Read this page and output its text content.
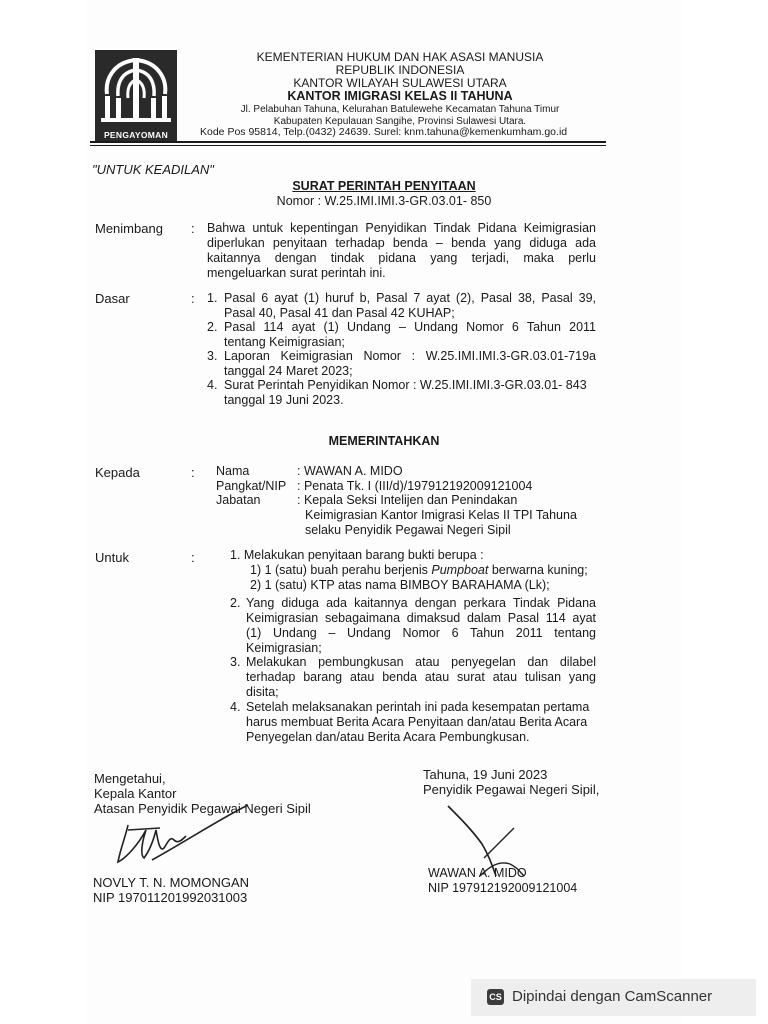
PENGAYOMAN
KEMENTERIAN HUKUM DAN HAK ASASI MANUSIA
REPUBLIK INDONESIA
KANTOR WILAYAH SULAWESI UTARA
KANTOR IMIGRASI KELAS II TAHUNA
Jl. Pelabuhan Tahuna, Kelurahan Batulewehe Kecamatan Tahuna Timur
Kabupaten Kepulauan Sangihe, Provinsi Sulawesi Utara.
Kode Pos 95814, Telp.(0432) 24639. Surel: knm.tahuna@kemenkumham.go.id
"UNTUK KEADILAN"
SURAT PERINTAH PENYITAAN
Nomor : W.25.IMI.IMI.3-GR.03.01- 850
Menimbang : Bahwa untuk kepentingan Penyidikan Tindak Pidana Keimigrasian
diperlukan penyitaan terhadap benda – benda yang diduga ada
kaitannya dengan tindak pidana yang terjadi, maka perlu
mengeluarkan surat perintah ini.
Dasar	: 1. Pasal 6 ayat (1) huruf b, Pasal 7 ayat (2), Pasal 38, Pasal 39,
Pasal 40, Pasal 41 dan Pasal 42 KUHAP;
2. Pasal 114 ayat (1) Undang – Undang Nomor 6 Tahun 2011
tentang Keimigrasian;
3. Laporan Keimigrasian Nomor : W.25.IMI.IMI.3-GR.03.01-719a
tanggal 24 Maret 2023;
4. Surat Perintah Penyidikan Nomor : W.25.IMI.IMI.3-GR.03.01- 843
tanggal 19 Juni 2023.
MEMERINTAHKAN
Kepada	: Nama	: WAWAN A. MIDO
Pangkat/NIP : Penata Tk. I (III/d)/197912192009121004
Jabatan	: Kepala Seksi Intelijen dan Penindakan
Keimigrasian Kantor Imigrasi Kelas II TPI Tahuna
selaku Penyidik Pegawai Negeri Sipil
Untuk	:	1. Melakukan penyitaan barang bukti berupa :
1) 1 (satu) buah perahu berjenis Pumpboat berwarna kuning;
2) 1 (satu) KTP atas nama BIMBOY BARAHAMA (Lk);
2. Yang diduga ada kaitannya dengan perkara Tindak Pidana
Keimigrasian sebagaimana dimaksud dalam Pasal 114 ayat
(1) Undang – Undang Nomor 6 Tahun 2011 tentang
Keimigrasian;
3. Melakukan pembungkusan atau penyegelan dan dilabel
terhadap barang atau benda atau surat atau tulisan yang
disita;
4. Setelah melaksanakan perintah ini pada kesempatan pertama
harus membuat Berita Acara Penyitaan dan/atau Berita Acara
Penyegelan dan/atau Berita Acara Pembungkusan.
Mengetahui,
Kepala Kantor
Atasan Penyidik Pegawai Negeri Sipil
NOVLY T. N. MOMONGAN
NIP 197011201992031003
Tahuna, 19 Juni 2023
Penyidik Pegawai Negeri Sipil,
WAWAN A. MIDO
NIP 197912192009121004
CS Dipindai dengan CamScanner
